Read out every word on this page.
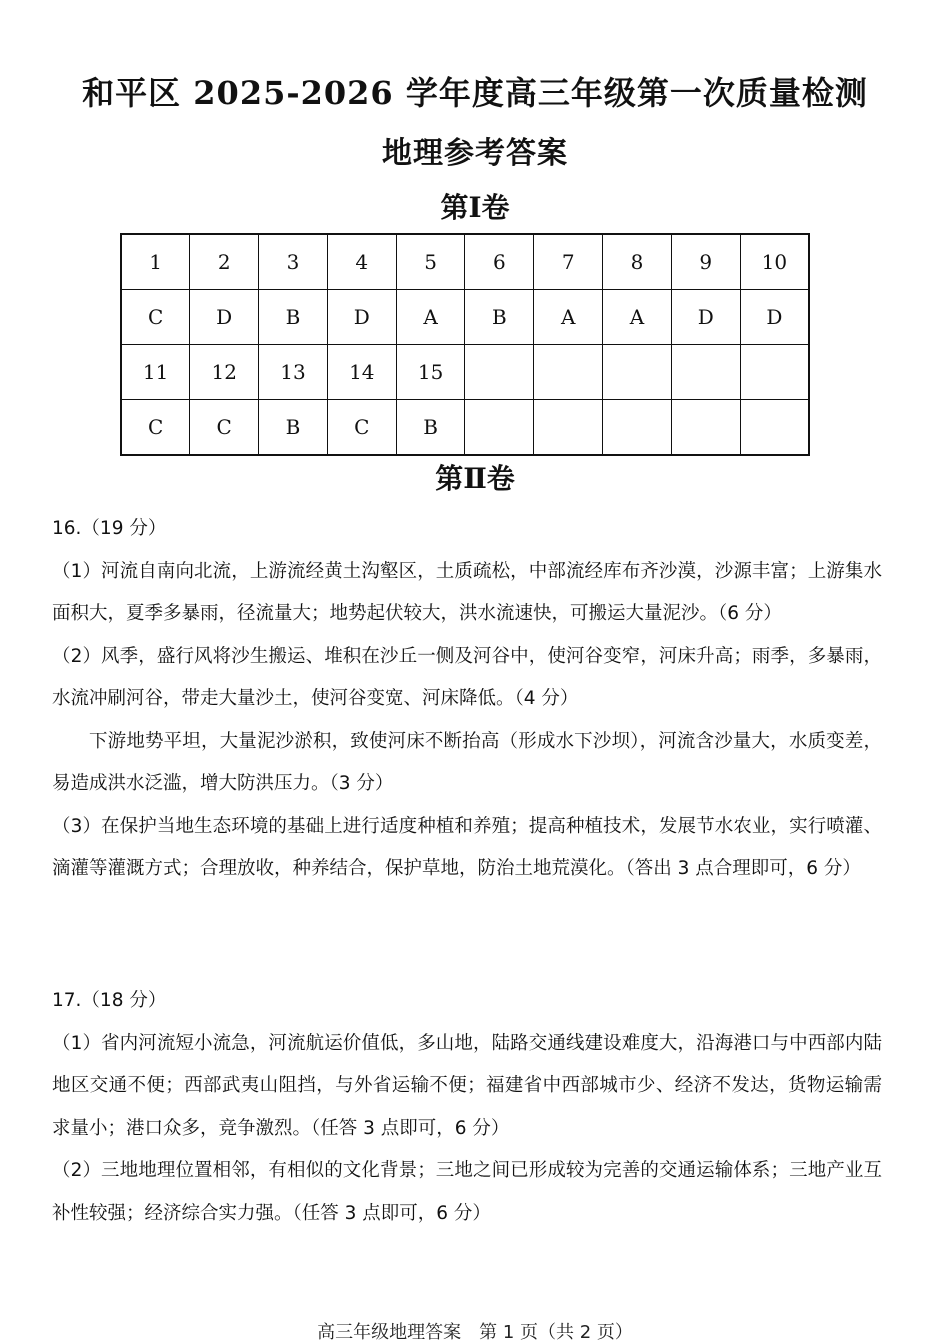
和平区 2025-2026 学年度高三年级第一次质量检测
地理参考答案
第Ⅰ卷
1	2	3	4	5	6	7	8	9	10
C	D	B	D	A	B	A	A	D	D
11	12	13	14	15					
C	C	B	C	B					
第Ⅱ卷

16.（19 分）

（1）河流自南向北流，上游流经黄土沟壑区，土质疏松，中部流经库布齐沙漠，沙源丰富；上游集水面积大，夏季多暴雨，径流量大；地势起伏较大，洪水流速快，可搬运大量泥沙。（6 分）

（2）风季，盛行风将沙生搬运、堆积在沙丘一侧及河谷中，使河谷变窄，河床升高；雨季，多暴雨，水流冲刷河谷，带走大量沙土，使河谷变宽、河床降低。（4 分）

下游地势平坦，大量泥沙淤积，致使河床不断抬高（形成水下沙坝），河流含沙量大，水质变差，易造成洪水泛滥，增大防洪压力。（3 分）

（3）在保护当地生态环境的基础上进行适度种植和养殖；提高种植技术，发展节水农业，实行喷灌、滴灌等灌溉方式；合理放收，种养结合，保护草地，防治土地荒漠化。（答出 3 点合理即可，6 分）

17.（18 分）

（1）省内河流短小流急，河流航运价值低，多山地，陆路交通线建设难度大，沿海港口与中西部内陆地区交通不便；西部武夷山阻挡，与外省运输不便；福建省中西部城市少、经济不发达，货物运输需求量小；港口众多，竞争激烈。（任答 3 点即可，6 分）

（2）三地地理位置相邻，有相似的文化背景；三地之间已形成较为完善的交通运输体系；三地产业互补性较强；经济综合实力强。（任答 3 点即可，6 分）

高三年级地理答案　第 1 页（共 2 页）
